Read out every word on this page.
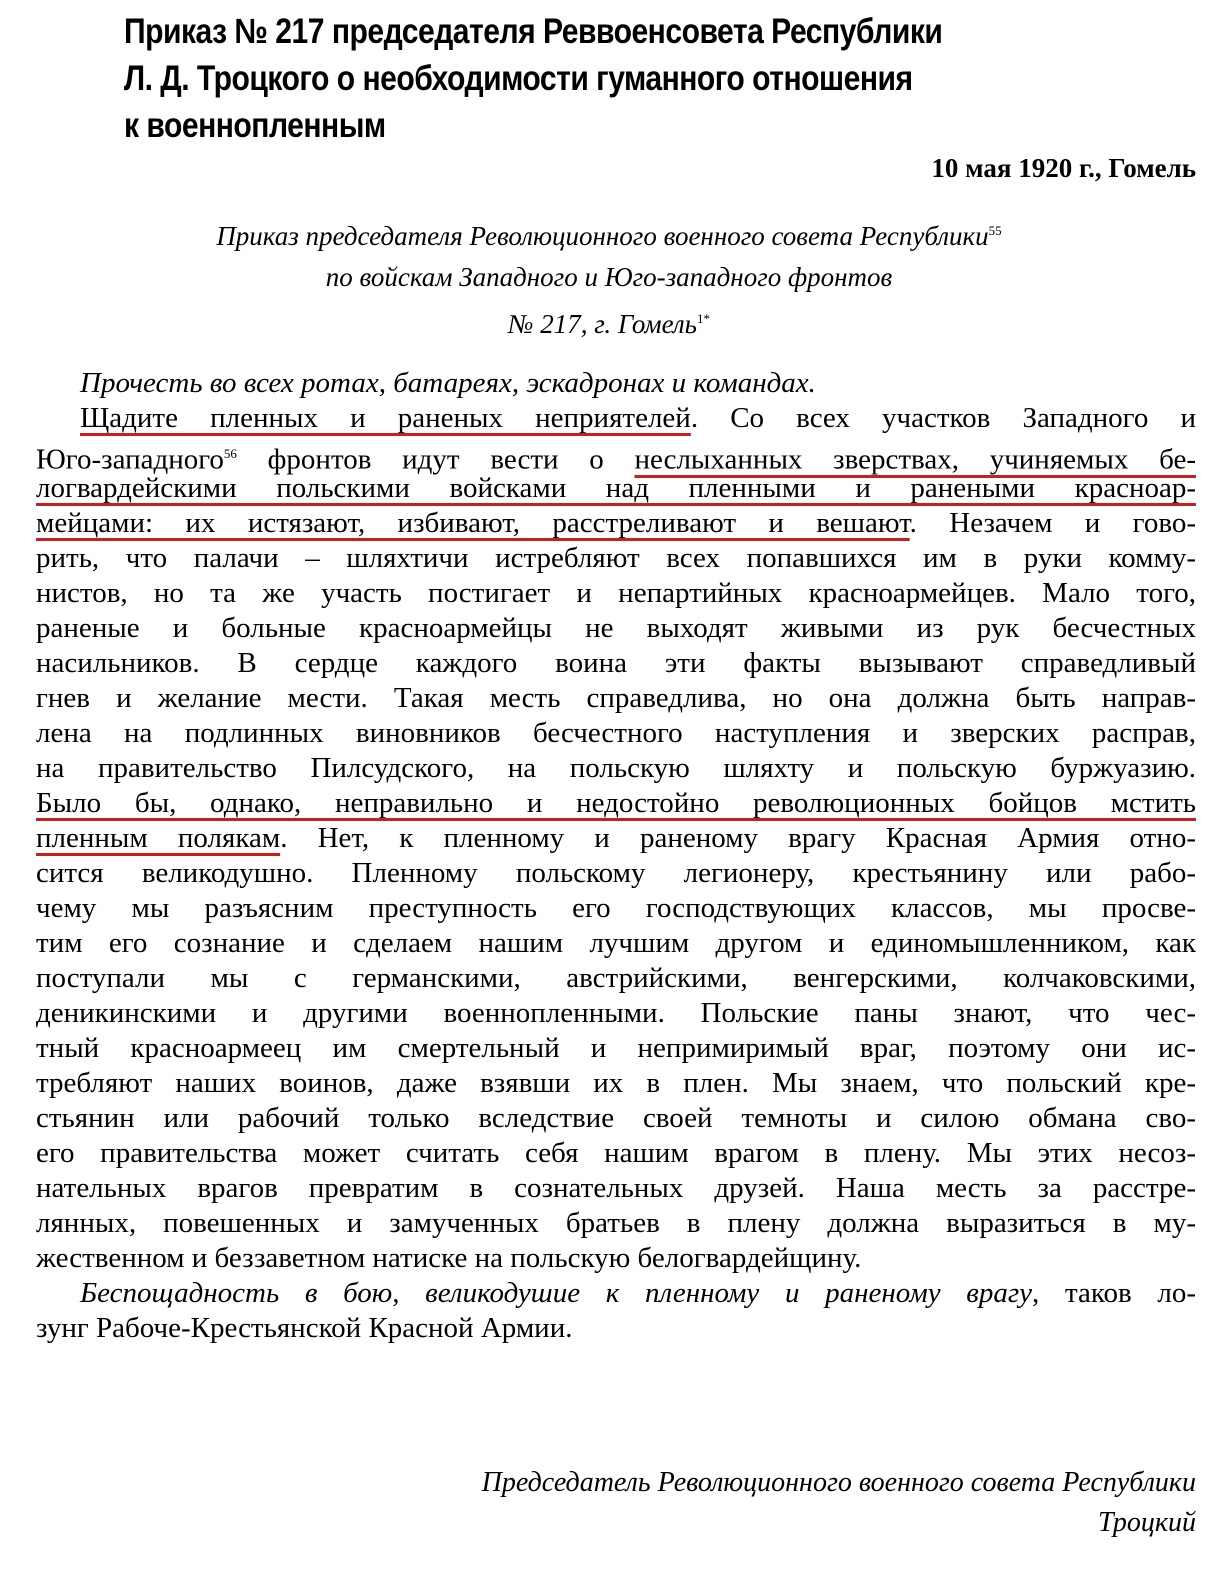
Приказ № 217 председателя Реввоенсовета Республики
Л. Д. Троцкого о необходимости гуманного отношения
к военнопленным
10 мая 1920 г., Гомель
Приказ председателя Революционного военного совета Республики$^{55}$
по войскам Западного и Юго-западного фронтов
№ 217, г. Гомель$^{1*}$
Прочесть во всех ротах, батареях, эскадронах и командах.
Щадите пленных и раненых неприятелей. Со всех участков Западного и
Юго-западного$^{56}$ фронтов идут вести о неслыханных зверствах, учиняемых бе-
логвардейскими польскими войсками над пленными и ранеными красноар-
мейцами: их истязают, избивают, расстреливают и вешают. Незачем и гово-
рить, что палачи – шляхтичи истребляют всех попавшихся им в руки комму-
нистов, но та же участь постигает и непартийных красноармейцев. Мало того,
раненые и больные красноармейцы не выходят живыми из рук бесчестных
насильников. В сердце каждого воина эти факты вызывают справедливый
гнев и желание мести. Такая месть справедлива, но она должна быть направ-
лена на подлинных виновников бесчестного наступления и зверских расправ,
на правительство Пилсудского, на польскую шляхту и польскую буржуазию.
Было бы, однако, неправильно и недостойно революционных бойцов мстить
пленным полякам. Нет, к пленному и раненому врагу Красная Армия отно-
сится великодушно. Пленному польскому легионеру, крестьянину или рабо-
чему мы разъясним преступность его господствующих классов, мы просве-
тим его сознание и сделаем нашим лучшим другом и единомышленником, как
поступали мы с германскими, австрийскими, венгерскими, колчаковскими,
деникинскими и другими военнопленными. Польские паны знают, что чес-
тный красноармеец им смертельный и непримиримый враг, поэтому они ис-
требляют наших воинов, даже взявши их в плен. Мы знаем, что польский кре-
стьянин или рабочий только вследствие своей темноты и силою обмана сво-
его правительства может считать себя нашим врагом в плену. Мы этих несоз-
нательных врагов превратим в сознательных друзей. Наша месть за расстре-
лянных, повешенных и замученных братьев в плену должна выразиться в му-
жественном и беззаветном натиске на польскую белогвардейщину.
Беспощадность в бою, великодушие к пленному и раненому врагу, таков ло-
зунг Рабоче-Крестьянской Красной Армии.
Председатель Революционного военного совета Республики
Троцкий
